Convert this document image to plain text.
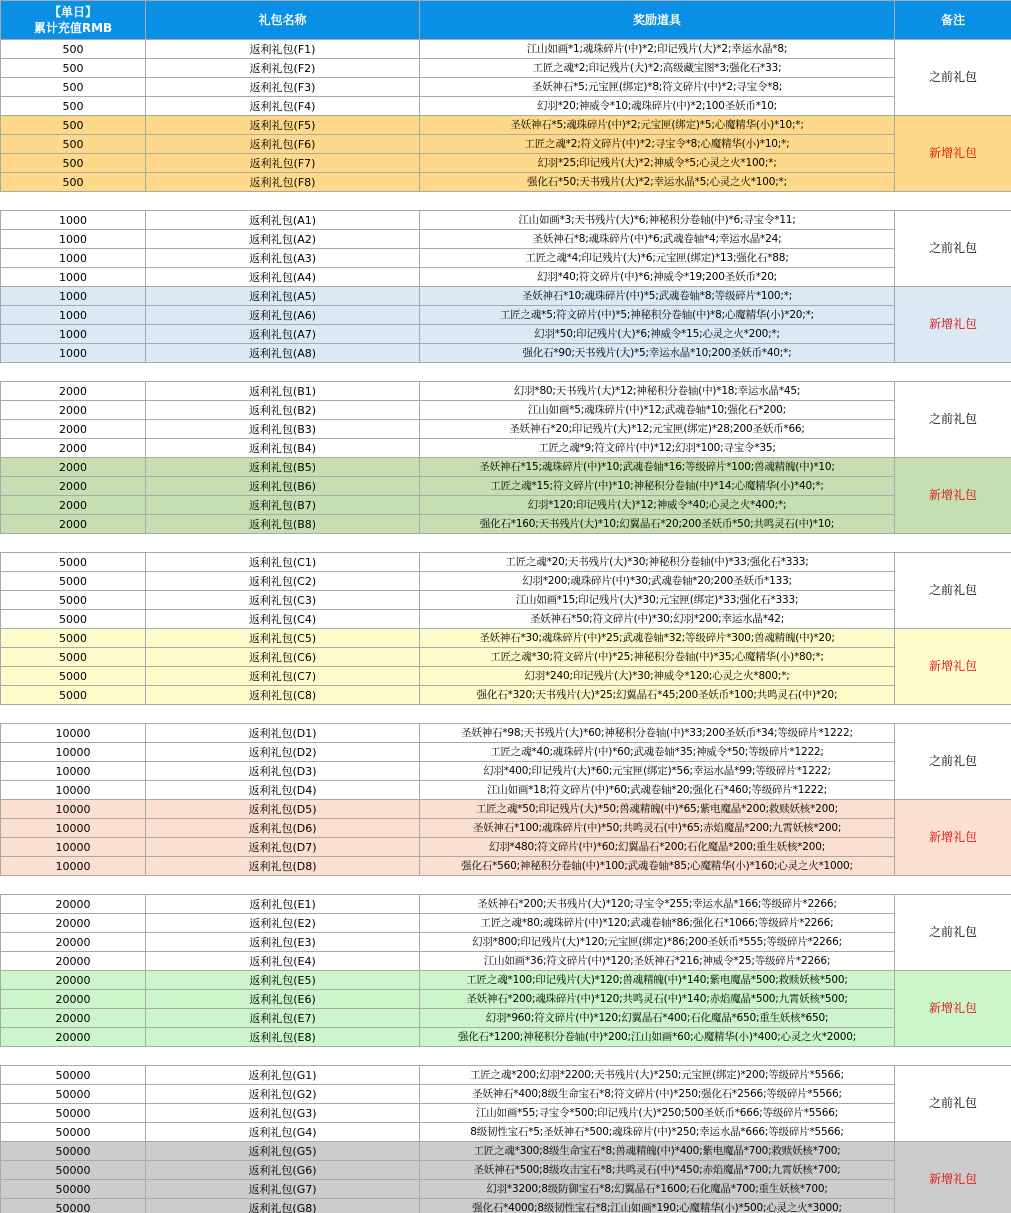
【单日】
累计充值RMB	礼包名称	奖励道具	备注
500	返利礼包(F1)	江山如画*1;魂珠碎片(中)*2;印记残片(大)*2;幸运水晶*8;	之前礼包
500	返利礼包(F2)	工匠之魂*2;印记残片(大)*2;高级藏宝图*3;强化石*33;	
500	返利礼包(F3)	圣妖神石*5;元宝匣(绑定)*8;符文碎片(中)*2;寻宝令*8;	
500	返利礼包(F4)	幻羽*20;神威令*10;魂珠碎片(中)*2;100圣妖币*10;	
500	返利礼包(F5)	圣妖神石*5;魂珠碎片(中)*2;元宝匣(绑定)*5;心魔精华(小)*10;*;	新增礼包
500	返利礼包(F6)	工匠之魂*2;符文碎片(中)*2;寻宝令*8;心魔精华(小)*10;*;	
500	返利礼包(F7)	幻羽*25;印记残片(大)*2;神威令*5;心灵之火*100;*;	
500	返利礼包(F8)	强化石*50;天书残片(大)*2;幸运水晶*5;心灵之火*100;*;	

1000	返利礼包(A1)	江山如画*3;天书残片(大)*6;神秘积分卷轴(中)*6;寻宝令*11;	之前礼包
1000	返利礼包(A2)	圣妖神石*8;魂珠碎片(中)*6;武魂卷轴*4;幸运水晶*24;	
1000	返利礼包(A3)	工匠之魂*4;印记残片(大)*6;元宝匣(绑定)*13;强化石*88;	
1000	返利礼包(A4)	幻羽*40;符文碎片(中)*6;神威令*19;200圣妖币*20;	
1000	返利礼包(A5)	圣妖神石*10;魂珠碎片(中)*5;武魂卷轴*8;等级碎片*100;*;	新增礼包
1000	返利礼包(A6)	工匠之魂*5;符文碎片(中)*5;神秘积分卷轴(中)*8;心魔精华(小)*20;*;	
1000	返利礼包(A7)	幻羽*50;印记残片(大)*6;神威令*15;心灵之火*200;*;	
1000	返利礼包(A8)	强化石*90;天书残片(大)*5;幸运水晶*10;200圣妖币*40;*;	

2000	返利礼包(B1)	幻羽*80;天书残片(大)*12;神秘积分卷轴(中)*18;幸运水晶*45;	之前礼包
2000	返利礼包(B2)	江山如画*5;魂珠碎片(中)*12;武魂卷轴*10;强化石*200;	
2000	返利礼包(B3)	圣妖神石*20;印记残片(大)*12;元宝匣(绑定)*28;200圣妖币*66;	
2000	返利礼包(B4)	工匠之魂*9;符文碎片(中)*12;幻羽*100;寻宝令*35;	
2000	返利礼包(B5)	圣妖神石*15;魂珠碎片(中)*10;武魂卷轴*16;等级碎片*100;兽魂精魄(中)*10;	新增礼包
2000	返利礼包(B6)	工匠之魂*15;符文碎片(中)*10;神秘积分卷轴(中)*14;心魔精华(小)*40;*;	
2000	返利礼包(B7)	幻羽*120;印记残片(大)*12;神威令*40;心灵之火*400;*;	
2000	返利礼包(B8)	强化石*160;天书残片(大)*10;幻翼晶石*20;200圣妖币*50;共鸣灵石(中)*10;	

5000	返利礼包(C1)	工匠之魂*20;天书残片(大)*30;神秘积分卷轴(中)*33;强化石*333;	之前礼包
5000	返利礼包(C2)	幻羽*200;魂珠碎片(中)*30;武魂卷轴*20;200圣妖币*133;	
5000	返利礼包(C3)	江山如画*15;印记残片(大)*30;元宝匣(绑定)*33;强化石*333;	
5000	返利礼包(C4)	圣妖神石*50;符文碎片(中)*30;幻羽*200;幸运水晶*42;	
5000	返利礼包(C5)	圣妖神石*30;魂珠碎片(中)*25;武魂卷轴*32;等级碎片*300;兽魂精魄(中)*20;	新增礼包
5000	返利礼包(C6)	工匠之魂*30;符文碎片(中)*25;神秘积分卷轴(中)*35;心魔精华(小)*80;*;	
5000	返利礼包(C7)	幻羽*240;印记残片(大)*30;神威令*120;心灵之火*800;*;	
5000	返利礼包(C8)	强化石*320;天书残片(大)*25;幻翼晶石*45;200圣妖币*100;共鸣灵石(中)*20;	

10000	返利礼包(D1)	圣妖神石*98;天书残片(大)*60;神秘积分卷轴(中)*33;200圣妖币*34;等级碎片*1222;	之前礼包
10000	返利礼包(D2)	工匠之魂*40;魂珠碎片(中)*60;武魂卷轴*35;神威令*50;等级碎片*1222;	
10000	返利礼包(D3)	幻羽*400;印记残片(大)*60;元宝匣(绑定)*56;幸运水晶*99;等级碎片*1222;	
10000	返利礼包(D4)	江山如画*18;符文碎片(中)*60;武魂卷轴*20;强化石*460;等级碎片*1222;	
10000	返利礼包(D5)	工匠之魂*50;印记残片(大)*50;兽魂精魄(中)*65;紫电魔晶*200;救赎妖核*200;	新增礼包
10000	返利礼包(D6)	圣妖神石*100;魂珠碎片(中)*50;共鸣灵石(中)*65;赤焰魔晶*200;九霄妖核*200;	
10000	返利礼包(D7)	幻羽*480;符文碎片(中)*60;幻翼晶石*200;石化魔晶*200;重生妖核*200;	
10000	返利礼包(D8)	强化石*560;神秘积分卷轴(中)*100;武魂卷轴*85;心魔精华(小)*160;心灵之火*1000;	

20000	返利礼包(E1)	圣妖神石*200;天书残片(大)*120;寻宝令*255;幸运水晶*166;等级碎片*2266;	之前礼包
20000	返利礼包(E2)	工匠之魂*80;魂珠碎片(中)*120;武魂卷轴*86;强化石*1066;等级碎片*2266;	
20000	返利礼包(E3)	幻羽*800;印记残片(大)*120;元宝匣(绑定)*86;200圣妖币*555;等级碎片*2266;	
20000	返利礼包(E4)	江山如画*36;符文碎片(中)*120;圣妖神石*216;神威令*25;等级碎片*2266;	
20000	返利礼包(E5)	工匠之魂*100;印记残片(大)*120;兽魂精魄(中)*140;紫电魔晶*500;救赎妖核*500;	新增礼包
20000	返利礼包(E6)	圣妖神石*200;魂珠碎片(中)*120;共鸣灵石(中)*140;赤焰魔晶*500;九霄妖核*500;	
20000	返利礼包(E7)	幻羽*960;符文碎片(中)*120;幻翼晶石*400;石化魔晶*650;重生妖核*650;	
20000	返利礼包(E8)	强化石*1200;神秘积分卷轴(中)*200;江山如画*60;心魔精华(小)*400;心灵之火*2000;	

50000	返利礼包(G1)	工匠之魂*200;幻羽*2200;天书残片(大)*250;元宝匣(绑定)*200;等级碎片*5566;	之前礼包
50000	返利礼包(G2)	圣妖神石*400;8级生命宝石*8;符文碎片(中)*250;强化石*2566;等级碎片*5566;	
50000	返利礼包(G3)	江山如画*55;寻宝令*500;印记残片(大)*250;500圣妖币*666;等级碎片*5566;	
50000	返利礼包(G4)	8级韧性宝石*5;圣妖神石*500;魂珠碎片(中)*250;幸运水晶*666;等级碎片*5566;	
50000	返利礼包(G5)	工匠之魂*300;8级生命宝石*8;兽魂精魄(中)*400;紫电魔晶*700;救赎妖核*700;	新增礼包
50000	返利礼包(G6)	圣妖神石*500;8级攻击宝石*8;共鸣灵石(中)*450;赤焰魔晶*700;九霄妖核*700;	
50000	返利礼包(G7)	幻羽*3200;8级防御宝石*8;幻翼晶石*1600;石化魔晶*700;重生妖核*700;	
50000	返利礼包(G8)	强化石*4000;8级韧性宝石*8;江山如画*190;心魔精华(小)*500;心灵之火*3000;	
